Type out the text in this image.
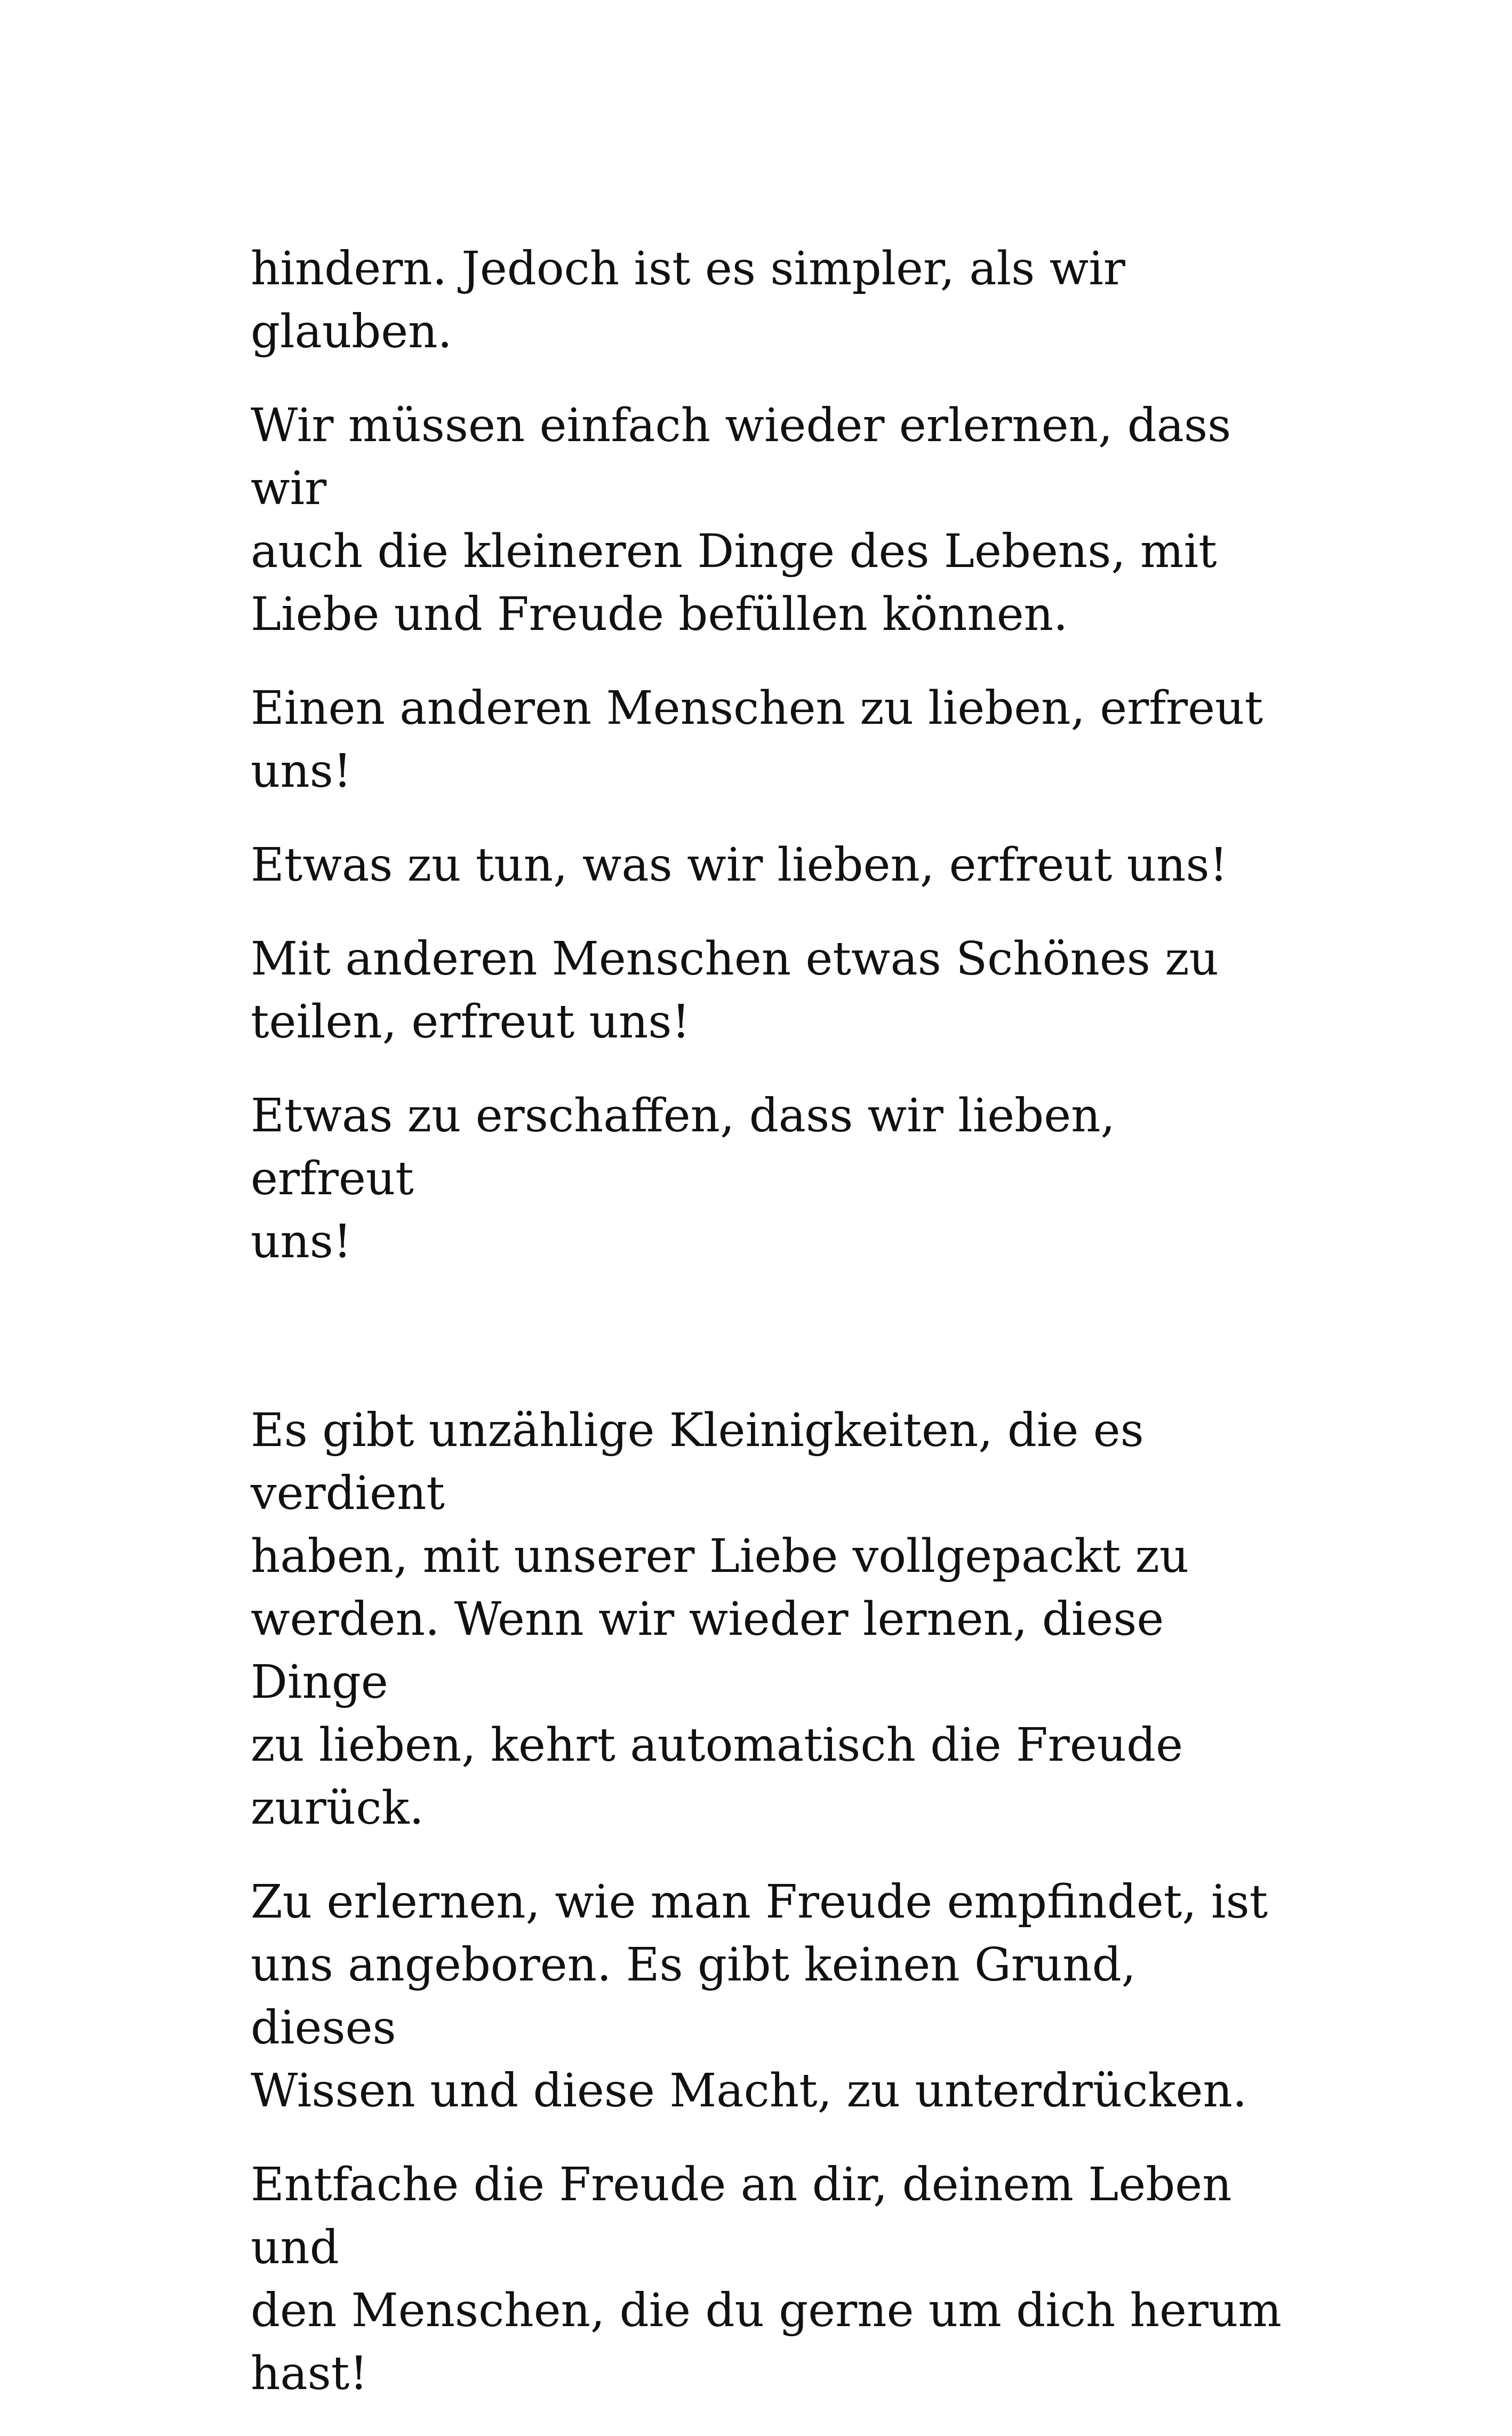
hindern. Jedoch ist es simpler, als wir
glauben.

Wir müssen einfach wieder erlernen, dass wir
auch die kleineren Dinge des Lebens, mit
Liebe und Freude befüllen können.

Einen anderen Menschen zu lieben, erfreut
uns!

Etwas zu tun, was wir lieben, erfreut uns!

Mit anderen Menschen etwas Schönes zu
teilen, erfreut uns!

Etwas zu erschaffen, dass wir lieben, erfreut
uns!

Es gibt unzählige Kleinigkeiten, die es verdient
haben, mit unserer Liebe vollgepackt zu
werden. Wenn wir wieder lernen, diese Dinge
zu lieben, kehrt automatisch die Freude
zurück.

Zu erlernen, wie man Freude empfindet, ist
uns angeboren. Es gibt keinen Grund, dieses
Wissen und diese Macht, zu unterdrücken.

Entfache die Freude an dir, deinem Leben und
den Menschen, die du gerne um dich herum
hast!
